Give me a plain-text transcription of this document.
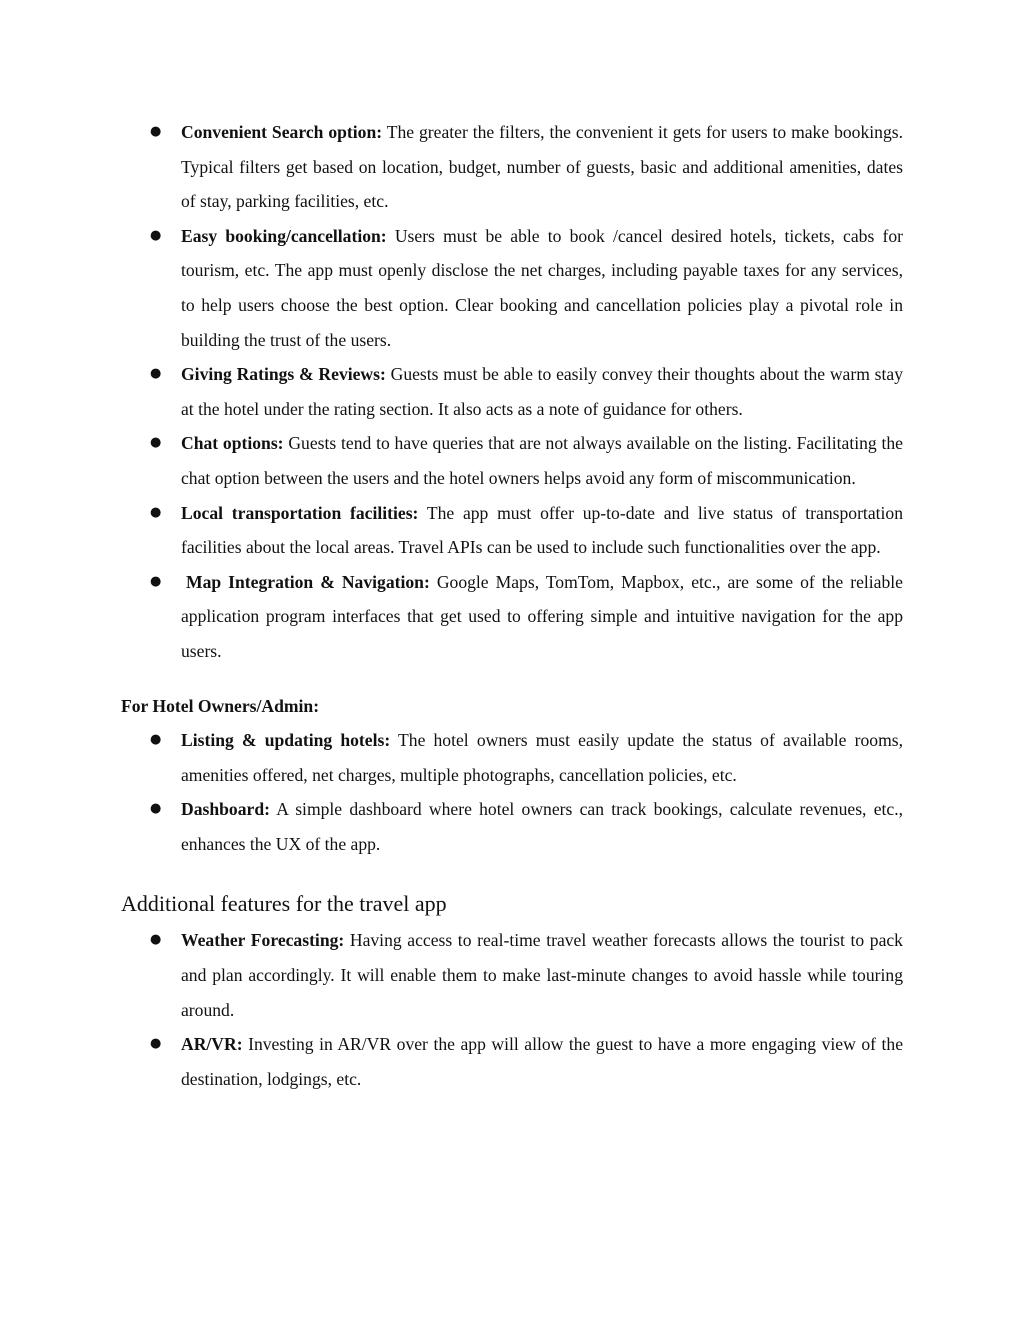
● Convenient Search option: The greater the filters, the convenient it gets for users to make bookings. Typical filters get based on location, budget, number of guests, basic and additional amenities, dates of stay, parking facilities, etc.
● Easy booking/cancellation: Users must be able to book /cancel desired hotels, tickets, cabs for tourism, etc. The app must openly disclose the net charges, including payable taxes for any services, to help users choose the best option. Clear booking and cancellation policies play a pivotal role in building the trust of the users.
● Giving Ratings & Reviews: Guests must be able to easily convey their thoughts about the warm stay at the hotel under the rating section. It also acts as a note of guidance for others.
● Chat options: Guests tend to have queries that are not always available on the listing. Facilitating the chat option between the users and the hotel owners helps avoid any form of miscommunication.
● Local transportation facilities: The app must offer up-to-date and live status of transportation facilities about the local areas. Travel APIs can be used to include such functionalities over the app.
● Map Integration & Navigation: Google Maps, TomTom, Mapbox, etc., are some of the reliable application program interfaces that get used to offering simple and intuitive navigation for the app users.
For Hotel Owners/Admin:
● Listing & updating hotels: The hotel owners must easily update the status of available rooms, amenities offered, net charges, multiple photographs, cancellation policies, etc.
● Dashboard: A simple dashboard where hotel owners can track bookings, calculate revenues, etc., enhances the UX of the app.
Additional features for the travel app
● Weather Forecasting: Having access to real-time travel weather forecasts allows the tourist to pack and plan accordingly. It will enable them to make last-minute changes to avoid hassle while touring around.
● AR/VR: Investing in AR/VR over the app will allow the guest to have a more engaging view of the destination, lodgings, etc.
